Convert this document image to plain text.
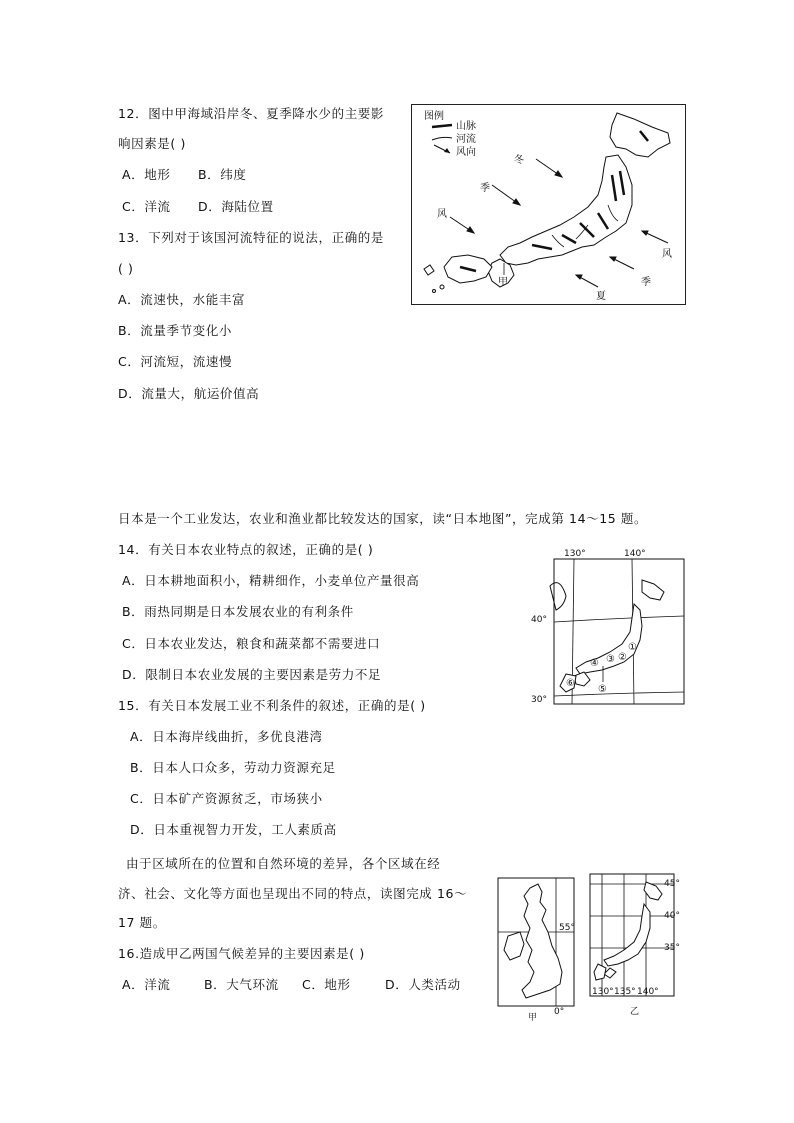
12．图中甲海域沿岸冬、夏季降水少的主要影
响因素是( )
A．地形 B．纬度
C．洋流 D．海陆位置
13．下列对于该国河流特征的说法，正确的是
( )
A．流速快，水能丰富
B．流量季节变化小
C．河流短，流速慢
D．流量大，航运价值高
图例
山脉
河流
风向
冬
季
风
风
季
夏
甲
日本是一个工业发达，农业和渔业都比较发达的国家，读“日本地图”，完成第 14～15 题。
14．有关日本农业特点的叙述，正确的是( )
A．日本耕地面积小，精耕细作，小麦单位产量很高
B．雨热同期是日本发展农业的有利条件
C．日本农业发达，粮食和蔬菜都不需要进口
D．限制日本农业发展的主要因素是劳力不足
130°	140°
40°
30°
①
②
③
④
⑤
⑥
15．有关日本发展工业不利条件的叙述，正确的是( )
A．日本海岸线曲折，多优良港湾
B．日本人口众多，劳动力资源充足
C．日本矿产资源贫乏，市场狭小
D．日本重视智力开发，工人素质高
由于区域所在的位置和自然环境的差异，各个区域在经
济、社会、文化等方面也呈现出不同的特点，读图完成 16～
17 题。
16.造成甲乙两国气候差异的主要因素是( )
A．洋流	B．大气环流 C．地形	D．人类活动
55°
0°
甲
45°
40°
35°
130° 135° 140°
乙
